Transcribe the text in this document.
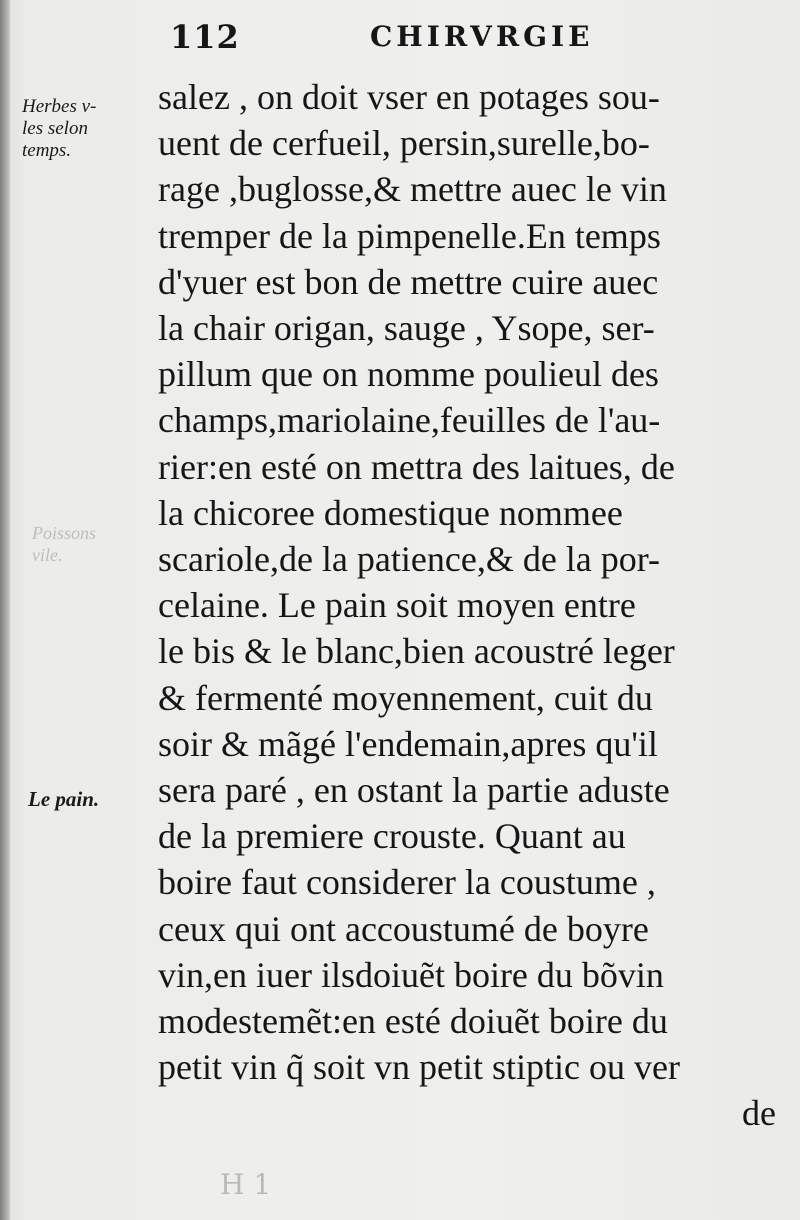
112	CHIRVRGIE
Herbes v-
les selon
temps.
Poissons
vile.
Le pain.
salez , on doit vser en potages sou-
uent de cerfueil, persin,surelle,bo-
rage ,buglosse,& mettre auec le vin
tremper de la pimpenelle.En temps
d'yuer est bon de mettre cuire auec
la chair origan, sauge , Ysope, ser-
pillum que on nomme poulieul des
champs,mariolaine,feuilles de l'au-
rier:en esté on mettra des laitues, de
la chicoree domestique nommee
scariole,de la patience,& de la por-
celaine. Le pain soit moyen entre
le bis & le blanc,bien acoustré leger
& fermenté moyennement, cuit du
soir & mãgé l'endemain,apres qu'il
sera paré , en ostant la partie aduste
de la premiere crouste. Quant au
boire faut considerer la coustume ,
ceux qui ont accoustumé de boyre
vin,en iuer ilsdoiuẽt boire du bõvin
modestemẽt:en esté doiuẽt boire du
petit vin q̃ soit vn petit stiptic ou ver
de
H 1
